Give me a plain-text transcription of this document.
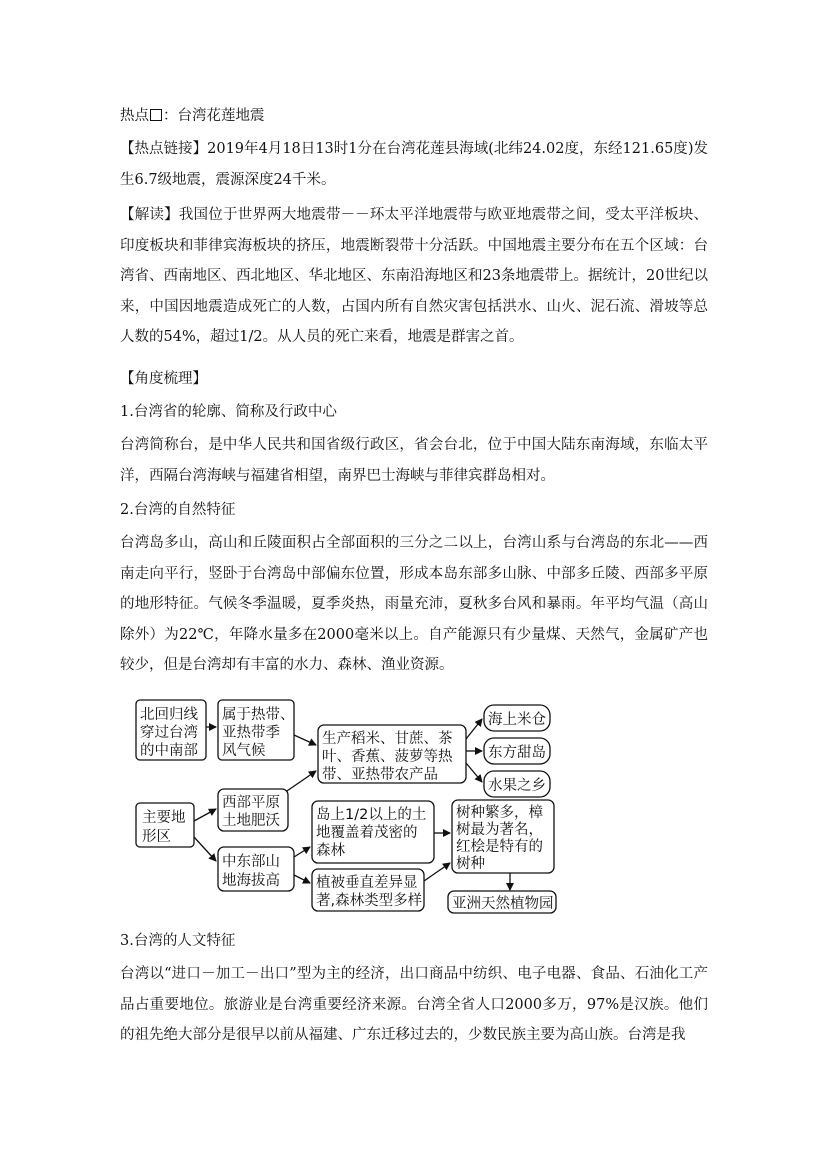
热点 ：台湾花莲地震

【热点链接】2019年4月18日13时1分在台湾花莲县海域(北纬24.02度，东经121.65度)发生6.7级地震，震源深度24千米。

【解读】我国位于世界两大地震带－－环太平洋地震带与欧亚地震带之间，受太平洋板块、印度板块和菲律宾海板块的挤压，地震断裂带十分活跃。中国地震主要分布在五个区域：台湾省、西南地区、西北地区、华北地区、东南沿海地区和23条地震带上。据统计，20世纪以来，中国因地震造成死亡的人数，占国内所有自然灾害包括洪水、山火、泥石流、滑坡等总人数的54%，超过1/2。从人员的死亡来看，地震是群害之首。

【角度梳理】

1.台湾省的轮廓、简称及行政中心

台湾简称台，是中华人民共和国省级行政区，省会台北，位于中国大陆东南海域，东临太平洋，西隔台湾海峡与福建省相望，南界巴士海峡与菲律宾群岛相对。

2.台湾的自然特征

台湾岛多山，高山和丘陵面积占全部面积的三分之二以上，台湾山系与台湾岛的东北——西南走向平行，竖卧于台湾岛中部偏东位置，形成本岛东部多山脉、中部多丘陵、西部多平原的地形特征。气候冬季温暖，夏季炎热，雨量充沛，夏秋多台风和暴雨。年平均气温（高山除外）为22℃，年降水量多在2000毫米以上。自产能源只有少量煤、天然气，金属矿产也较少，但是台湾却有丰富的水力、森林、渔业资源。

北回归线
穿过台湾
的中南部
属于热带、
亚热带季
风气候
生产稻米、甘蔗、茶
叶、香蕉、菠萝等热
带、亚热带农产品
海上米仓
东方甜岛
水果之乡
主要地
形区
西部平原
土地肥沃
中东部山
地海拔高
岛上1/2以上的土
地覆盖着茂密的
森林
植被垂直差异显
著,森林类型多样
树种繁多，樟
树最为著名，
红桧是特有的
树种
亚洲天然植物园

3.台湾的人文特征

台湾以“进口－加工－出口”型为主的经济，出口商品中纺织、电子电器、食品、石油化工产品占重要地位。旅游业是台湾重要经济来源。台湾全省人口2000多万，97%是汉族。他们的祖先绝大部分是很早以前从福建、广东迁移过去的，少数民族主要为高山族。台湾是我
